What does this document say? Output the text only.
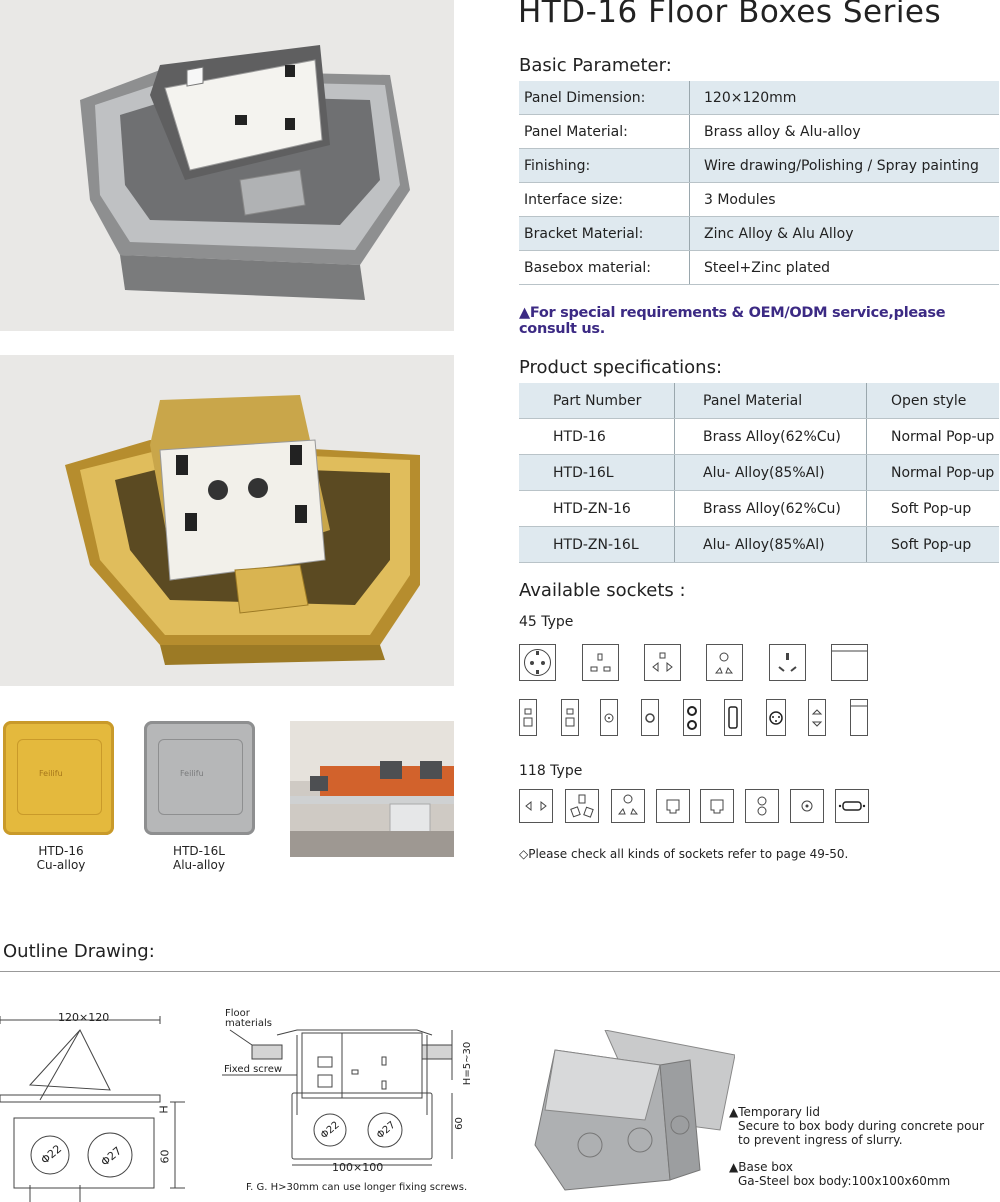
Feilifu	Feilifu
HTD-16
Cu-alloy
HTD-16L
Alu-alloy
HTD-16 Floor Boxes Series
Basic Parameter:
Panel Dimension:	120×120mm
Panel Material:	Brass alloy & Alu-alloy
Finishing:	Wire drawing/Polishing / Spray painting
Interface size:	3 Modules
Bracket Material:	Zinc Alloy & Alu Alloy
Basebox material:	Steel+Zinc plated
▲For special requirements & OEM/ODM service,please consult us.
Product specifications:
Part Number	Panel Material	Open style
HTD-16	Brass Alloy(62%Cu)	Normal Pop-up
HTD-16L	Alu- Alloy(85%Al)	Normal Pop-up
HTD-ZN-16	Brass Alloy(62%Cu)	Soft Pop-up
HTD-ZN-16L	Alu- Alloy(85%Al)	Soft Pop-up
Available sockets :
45 Type
118 Type
◇Please check all kinds of sockets refer to page 49-50.
Outline Drawing:
120×120
H
60
Φ22	Φ27
Floor
materials
Fixed screw	H=5~30
60
Φ22	Φ27
100×100
F. G. H>30mm can use longer fixing screws.
▲Temporary lid
Secure to box body during concrete pour
to prevent ingress of slurry.
▲Base box
Ga-Steel box body:100x100x60mm
